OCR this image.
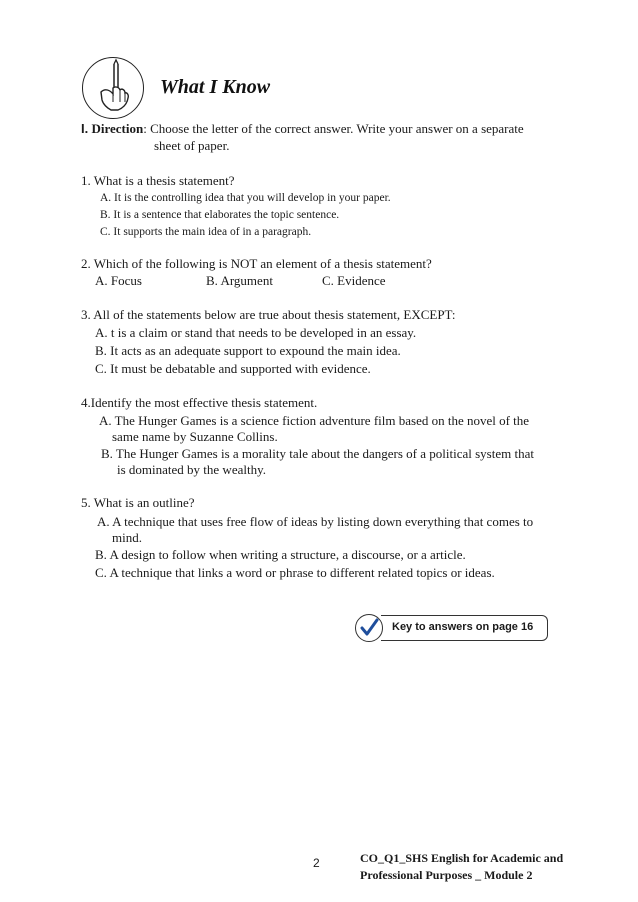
What I Know
I. Direction: Choose the letter of the correct answer. Write your answer on a separate
sheet of paper.
1. What is a thesis statement?
A. It is the controlling idea that you will develop in your paper.
B. It is a sentence that elaborates the topic sentence.
C. It supports the main idea of in a paragraph.
2. Which of the following is NOT an element of a thesis statement?
A. Focus	B. Argument	C. Evidence
3. All of the statements below are true about thesis statement, EXCEPT:
A. t is a claim or stand that needs to be developed in an essay.
B. It acts as an adequate support to expound the main idea.
C. It must be debatable and supported with evidence.
4.Identify the most effective thesis statement.
A. The Hunger Games is a science fiction adventure film based on the novel of the
same name by Suzanne Collins.
B. The Hunger Games is a morality tale about the dangers of a political system that
is dominated by the wealthy.
5. What is an outline?
A. A technique that uses free flow of ideas by listing down everything that comes to
mind.
B. A design to follow when writing a structure, a discourse, or a article.
C. A technique that links a word or phrase to different related topics or ideas.
Key to answers on page 16
2	CO_Q1_SHS English for Academic and
Professional Purposes _ Module 2
